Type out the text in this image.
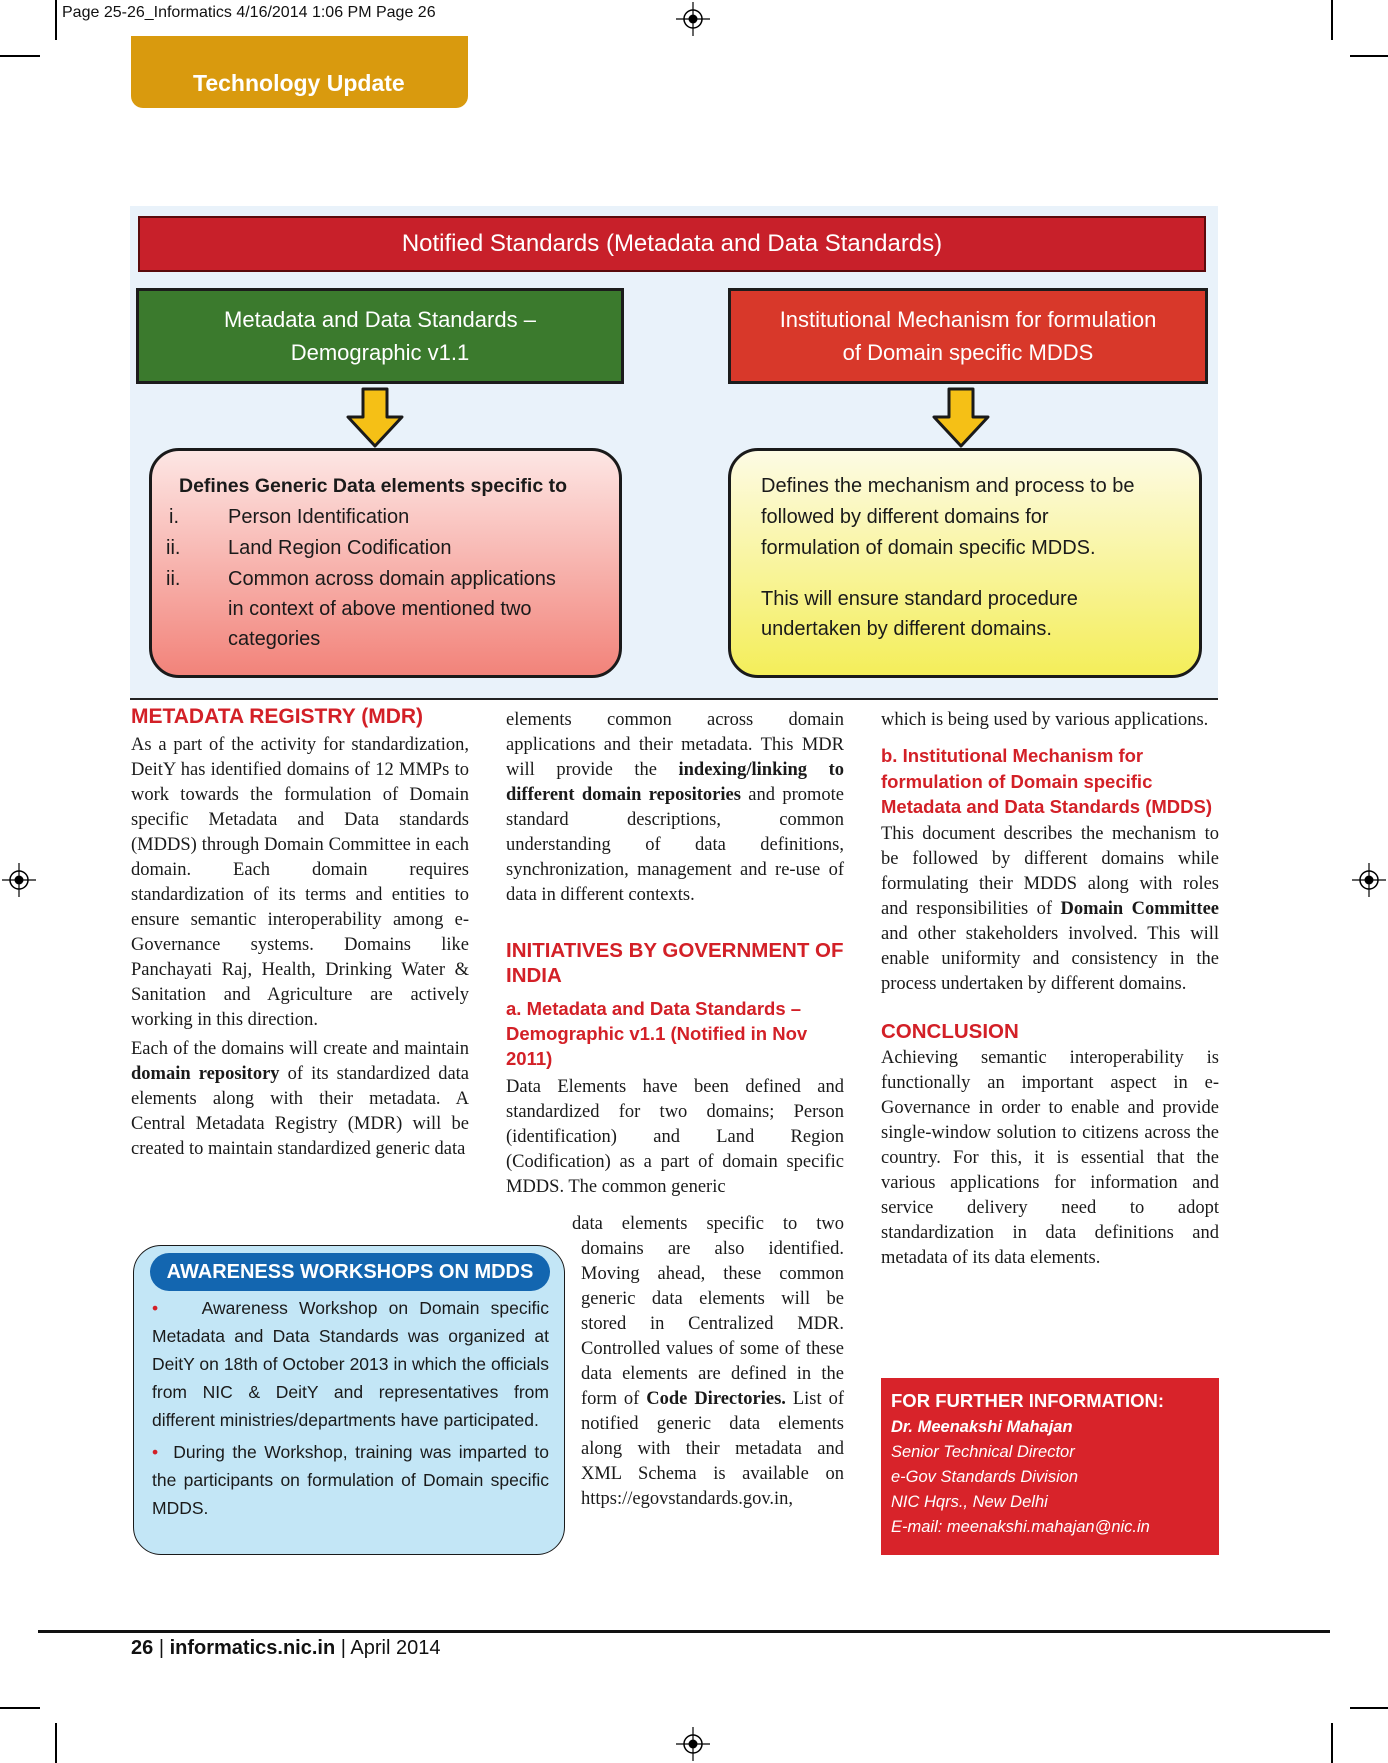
Page 25-26_Informatics 4/16/2014 1:06 PM Page 26
Technology Update
Notified Standards (Metadata and Data Standards)
Metadata and Data Standards –
Demographic v1.1
Institutional Mechanism for formulation
of Domain specific MDDS
Defines Generic Data elements specific to
i. Person Identification
ii. Land Region Codification
ii. Common across domain applications
in context of above mentioned two
categories
Defines the mechanism and process to be
followed by different domains for
formulation of domain specific MDDS.
This will ensure standard procedure
undertaken by different domains.
METADATA REGISTRY (MDR)

As a part of the activity for standardization, DeitY has identified domains of 12 MMPs to work towards the formulation of Domain specific Metadata and Data standards (MDDS) through Domain Committee in each domain. Each domain requires standardization of its terms and entities to ensure semantic interoperability among e-Governance systems. Domains like Panchayati Raj, Health, Drinking Water & Sanitation and Agriculture are actively working in this direction.

Each of the domains will create and maintain domain repository of its standardized data elements along with their metadata. A Central Metadata Registry (MDR) will be created to maintain standardized generic data

elements common across domain applications and their metadata. This MDR will provide the indexing/linking to different domain repositories and promote standard descriptions, common understanding of data definitions, synchronization, management and re-use of data in different contexts.

INITIATIVES BY GOVERNMENT OF INDIA
a. Metadata and Data Standards – Demographic v1.1 (Notified in Nov 2011)

Data Elements have been defined and standardized for two domains; Person (identification) and Land Region (Codification) as a part of domain specific MDDS. The common generic

data elements specific to two domains are also identified. Moving ahead, these common generic data elements will be stored in Centralized MDR. Controlled values of some of these data elements are defined in the form of Code Directories. List of notified generic data elements along with their metadata and XML Schema is available on https://egovstandards.gov.in,

which is being used by various applications.

b. Institutional Mechanism for formulation of Domain specific Metadata and Data Standards (MDDS)

This document describes the mechanism to be followed by different domains while formulating their MDDS along with roles and responsibilities of Domain Committee and other stakeholders involved. This will enable uniformity and consistency in the process undertaken by different domains.

CONCLUSION

Achieving semantic interoperability is functionally an important aspect in e-Governance in order to enable and provide single-window solution to citizens across the country. For this, it is essential that the various applications for information and service delivery need to adopt standardization in data definitions and metadata of its data elements.

AWARENESS WORKSHOPS ON MDDS

• Awareness Workshop on Domain specific Metadata and Data Standards was organized at DeitY on 18th of October 2013 in which the officials from NIC & DeitY and representatives from different ministries/departments have participated.

• During the Workshop, training was imparted to the participants on formulation of Domain specific MDDS.

FOR FURTHER INFORMATION:
Dr. Meenakshi Mahajan
Senior Technical Director
e-Gov Standards Division
NIC Hqrs., New Delhi
E-mail: meenakshi.mahajan@nic.in
26 | informatics.nic.in | April 2014
